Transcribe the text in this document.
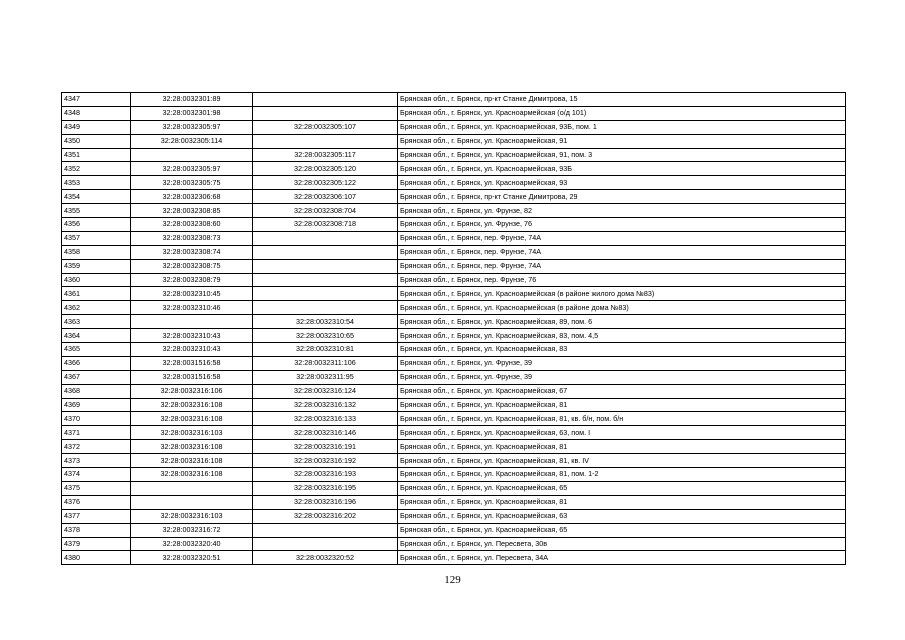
4347	32:28:0032301:89		Брянская обл., г. Брянск, пр-кт Станке Димитрова, 15
4348	32:28:0032301:98		Брянская обл., г. Брянск, ул. Красноармейская (о/д 101)
4349	32:28:0032305:97	32:28:0032305:107	Брянская обл., г. Брянск, ул. Красноармейская, 93Б, пом. 1
4350	32:28:0032305:114		Брянская обл., г. Брянск, ул. Красноармейская, 91
4351		32:28:0032305:117	Брянская обл., г. Брянск, ул. Красноармейская, 91, пом. 3
4352	32:28:0032305:97	32:28:0032305:120	Брянская обл., г. Брянск, ул. Красноармейская, 93Б
4353	32:28:0032305:75	32:28:0032305:122	Брянская обл., г. Брянск, ул. Красноармейская, 93
4354	32:28:0032306:68	32:28:0032306:107	Брянская обл., г. Брянск, пр-кт Станке Димитрова, 29
4355	32:28:0032308:85	32:28:0032308:704	Брянская обл., г. Брянск, ул. Фрунзе, 82
4356	32:28:0032308:60	32:28:0032308:718	Брянская обл., г. Брянск, ул. Фрунзе, 76
4357	32:28:0032308:73		Брянская обл., г. Брянск, пер. Фрунзе, 74А
4358	32:28:0032308:74		Брянская обл., г. Брянск, пер. Фрунзе, 74А
4359	32:28:0032308:75		Брянская обл., г. Брянск, пер. Фрунзе, 74А
4360	32:28:0032308:79		Брянская обл., г. Брянск, пер. Фрунзе, 76
4361	32:28:0032310:45		Брянская обл., г. Брянск, ул. Красноармейская (в районе жилого дома №83)
4362	32:28:0032310:46		Брянская обл., г. Брянск, ул. Красноармейская (в районе дома №83)
4363		32:28:0032310:54	Брянская обл., г. Брянск, ул. Красноармейская, 89, пом. 6
4364	32:28:0032310:43	32:28:0032310:65	Брянская обл., г. Брянск, ул. Красноармейская, 83, пом. 4,5
4365	32:28:0032310:43	32:28:0032310:81	Брянская обл., г. Брянск, ул. Красноармейская, 83
4366	32:28:0031516:58	32:28:0032311:106	Брянская обл., г. Брянск, ул. Фрунзе, 39
4367	32:28:0031516:58	32:28:0032311:95	Брянская обл., г. Брянск, ул. Фрунзе, 39
4368	32:28:0032316:106	32:28:0032316:124	Брянская обл., г. Брянск, ул. Красноармейская, 67
4369	32:28:0032316:108	32:28:0032316:132	Брянская обл., г. Брянск, ул. Красноармейская, 81
4370	32:28:0032316:108	32:28:0032316:133	Брянская обл., г. Брянск, ул. Красноармейская, 81, кв. б/н, пом. б/н
4371	32:28:0032316:103	32:28:0032316:146	Брянская обл., г. Брянск, ул. Красноармейская, 63, пом. I
4372	32:28:0032316:108	32:28:0032316:191	Брянская обл., г. Брянск, ул. Красноармейская, 81
4373	32:28:0032316:108	32:28:0032316:192	Брянская обл., г. Брянск, ул. Красноармейская, 81, кв. IV
4374	32:28:0032316:108	32:28:0032316:193	Брянская обл., г. Брянск, ул. Красноармейская, 81, пом. 1-2
4375		32:28:0032316:195	Брянская обл., г. Брянск, ул. Красноармейская, 65
4376		32:28:0032316:196	Брянская обл., г. Брянск, ул. Красноармейская, 81
4377	32:28:0032316:103	32:28:0032316:202	Брянская обл., г. Брянск, ул. Красноармейская, 63
4378	32:28:0032316:72		Брянская обл., г. Брянск, ул. Красноармейская, 65
4379	32:28:0032320:40		Брянская обл., г. Брянск, ул. Пересвета, 30в
4380	32:28:0032320:51	32:28:0032320:52	Брянская обл., г. Брянск, ул. Пересвета, 34А
129
